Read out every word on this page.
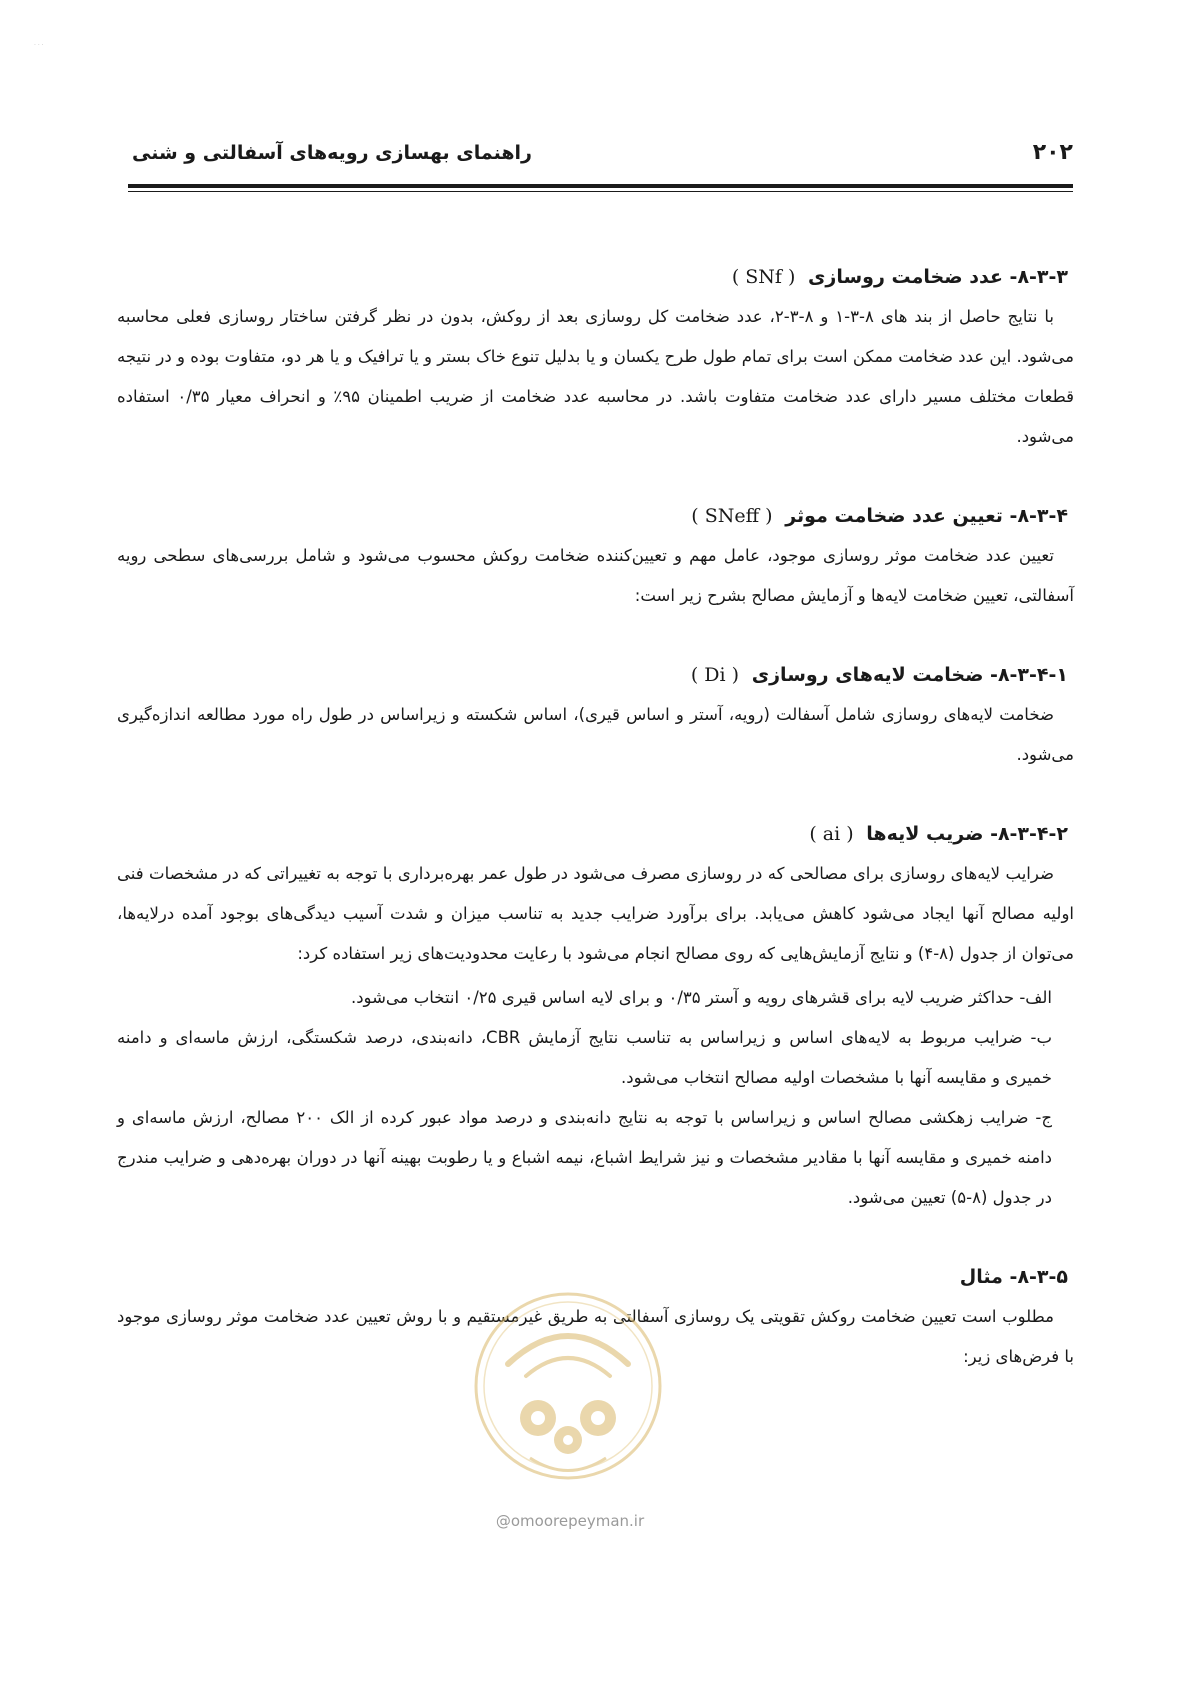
· · ·
۲۰۲
راهنمای بهسازی رویه‌های آسفالتی و شنی
۸-۳-۳- عدد ضخامت روسازی ( SNf )

با نتایج حاصل از بند های ۸-۳-۱ و ۸-۳-۲، عدد ضخامت کل روسازی بعد از روکش، بدون در نظر گرفتن ساختار روسازی فعلی محاسبه می‌شود. این عدد ضخامت ممکن است برای تمام طول طرح یکسان و یا بدلیل تنوع خاک بستر و یا ترافیک و یا هر دو، متفاوت بوده و در نتیجه قطعات مختلف مسیر دارای عدد ضخامت متفاوت باشد. در محاسبه عدد ضخامت از ضریب اطمینان ۹۵٪ و انحراف معیار ۰/۳۵ استفاده می‌شود.

۸-۳-۴- تعیین عدد ضخامت موثر ( SNeff )

تعیین عدد ضخامت موثر روسازی موجود، عامل مهم و تعیین‌کننده ضخامت روکش محسوب می‌شود و شامل بررسی‌های سطحی رویه آسفالتی، تعیین ضخامت لایه‌ها و آزمایش مصالح بشرح زیر است:

۸-۳-۴-۱- ضخامت لایه‌های روسازی ( Di )

ضخامت لایه‌های روسازی شامل آسفالت (رویه، آستر و اساس قیری)، اساس شکسته و زیراساس در طول راه مورد مطالعه اندازه‌گیری می‌شود.

۸-۳-۴-۲- ضریب لایه‌ها ( ai )

ضرایب لایه‌های روسازی برای مصالحی که در روسازی مصرف می‌شود در طول عمر بهره‌برداری با توجه به تغییراتی که در مشخصات فنی اولیه مصالح آنها ایجاد می‌شود کاهش می‌یابد. برای برآورد ضرایب جدید به تناسب میزان و شدت آسیب دیدگی‌های بوجود آمده درلایه‌ها، می‌توان از جدول (۸-۴) و نتایج آزمایش‌هایی که روی مصالح انجام می‌شود با رعایت محدودیت‌های زیر استفاده کرد:

الف- حداکثر ضریب لایه برای قشرهای رویه و آستر ۰/۳۵ و برای لایه اساس قیری ۰/۲۵ انتخاب می‌شود.

ب- ضرایب مربوط به لایه‌های اساس و زیراساس به تناسب نتایج آزمایش CBR، دانه‌بندی، درصد شکستگی، ارزش ماسه‌ای و دامنه خمیری و مقایسه آنها با مشخصات اولیه مصالح انتخاب می‌شود.

ج- ضرایب زهکشی مصالح اساس و زیراساس با توجه به نتایج دانه‌بندی و درصد مواد عبور کرده از الک ۲۰۰ مصالح، ارزش ماسه‌ای و دامنه خمیری و مقایسه آنها با مقادیر مشخصات و نیز شرایط اشباع، نیمه اشباع و یا رطوبت بهینه آنها در دوران بهره‌دهی و ضرایب مندرج در جدول (۸-۵) تعیین می‌شود.

۸-۳-۵- مثال

مطلوب است تعیین ضخامت روکش تقویتی یک روسازی آسفالتی به طریق غیرمستقیم و با روش تعیین عدد ضخامت موثر روسازی موجود با فرض‌های زیر:

@omoorepeyman.ir
